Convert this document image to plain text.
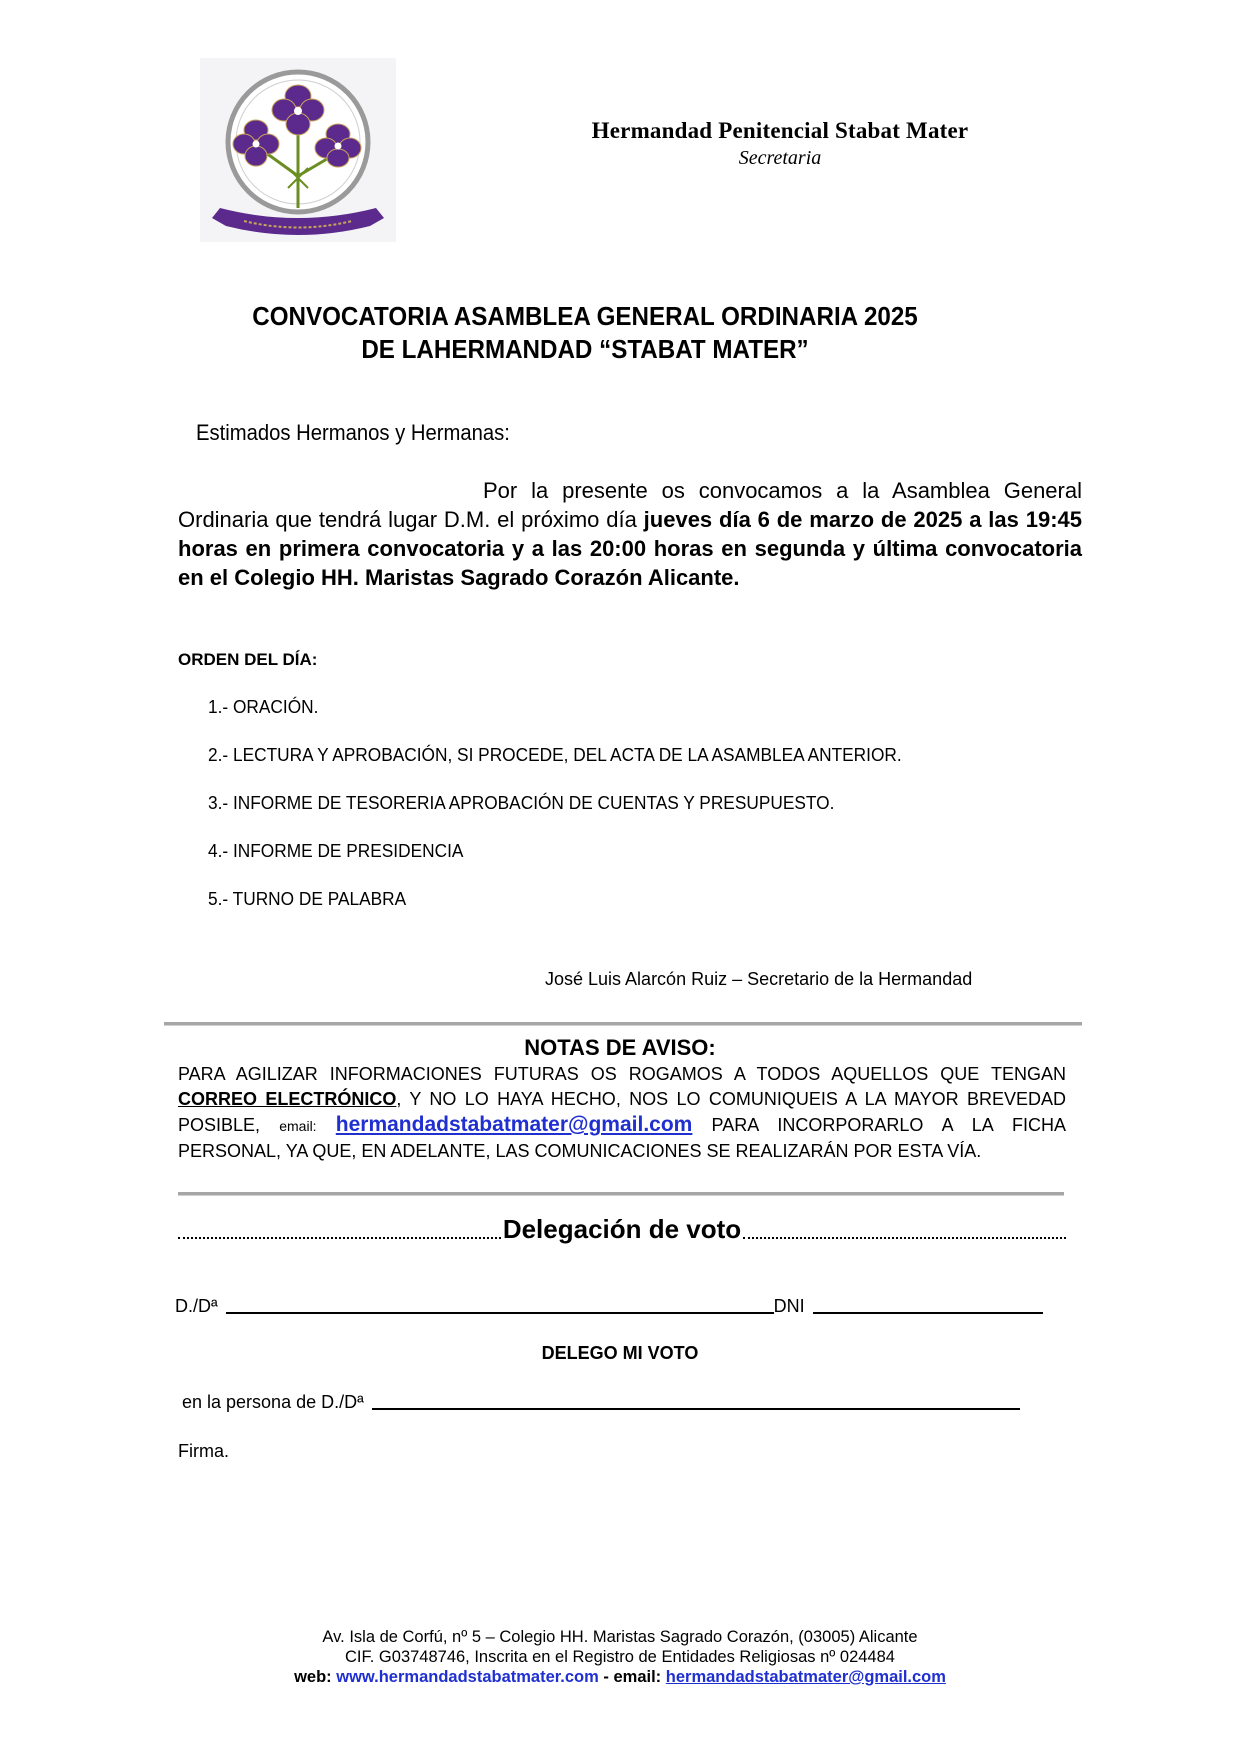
Hermandad Penitencial Stabat Mater
Secretaria
CONVOCATORIA ASAMBLEA GENERAL ORDINARIA 2025
DE LAHERMANDAD “STABAT MATER”
Estimados Hermanos y Hermanas:
Por la presente os convocamos a la Asamblea General Ordinaria que tendrá lugar D.M. el próximo día jueves día 6 de marzo de 2025 a las 19:45 horas en primera convocatoria y a las 20:00 horas en segunda y última convocatoria en el Colegio HH. Maristas Sagrado Corazón Alicante.
ORDEN DEL DÍA:
1.- ORACIÓN.
2.- LECTURA Y APROBACIÓN, SI PROCEDE, DEL ACTA DE LA ASAMBLEA ANTERIOR.
3.- INFORME DE TESORERIA APROBACIÓN DE CUENTAS Y PRESUPUESTO.
4.- INFORME DE PRESIDENCIA
5.- TURNO DE PALABRA
José Luis Alarcón Ruiz – Secretario de la Hermandad
NOTAS DE AVISO:
PARA AGILIZAR INFORMACIONES FUTURAS OS ROGAMOS A TODOS AQUELLOS QUE TENGAN CORREO ELECTRÓNICO, Y NO LO HAYA HECHO, NOS LO COMUNIQUEIS A LA MAYOR BREVEDAD POSIBLE, email: hermandadstabatmater@gmail.com PARA INCORPORARLO A LA FICHA PERSONAL, YA QUE, EN ADELANTE, LAS COMUNICACIONES SE REALIZARÁN POR ESTA VÍA.
Delegación de voto
D./Dª	DNI
DELEGO MI VOTO
en la persona de D./Dª
Firma.
Av. Isla de Corfú, nº 5 – Colegio HH. Maristas Sagrado Corazón, (03005) Alicante
CIF. G03748746, Inscrita en el Registro de Entidades Religiosas nº 024484
web: www.hermandadstabatmater.com - email: hermandadstabatmater@gmail.com
